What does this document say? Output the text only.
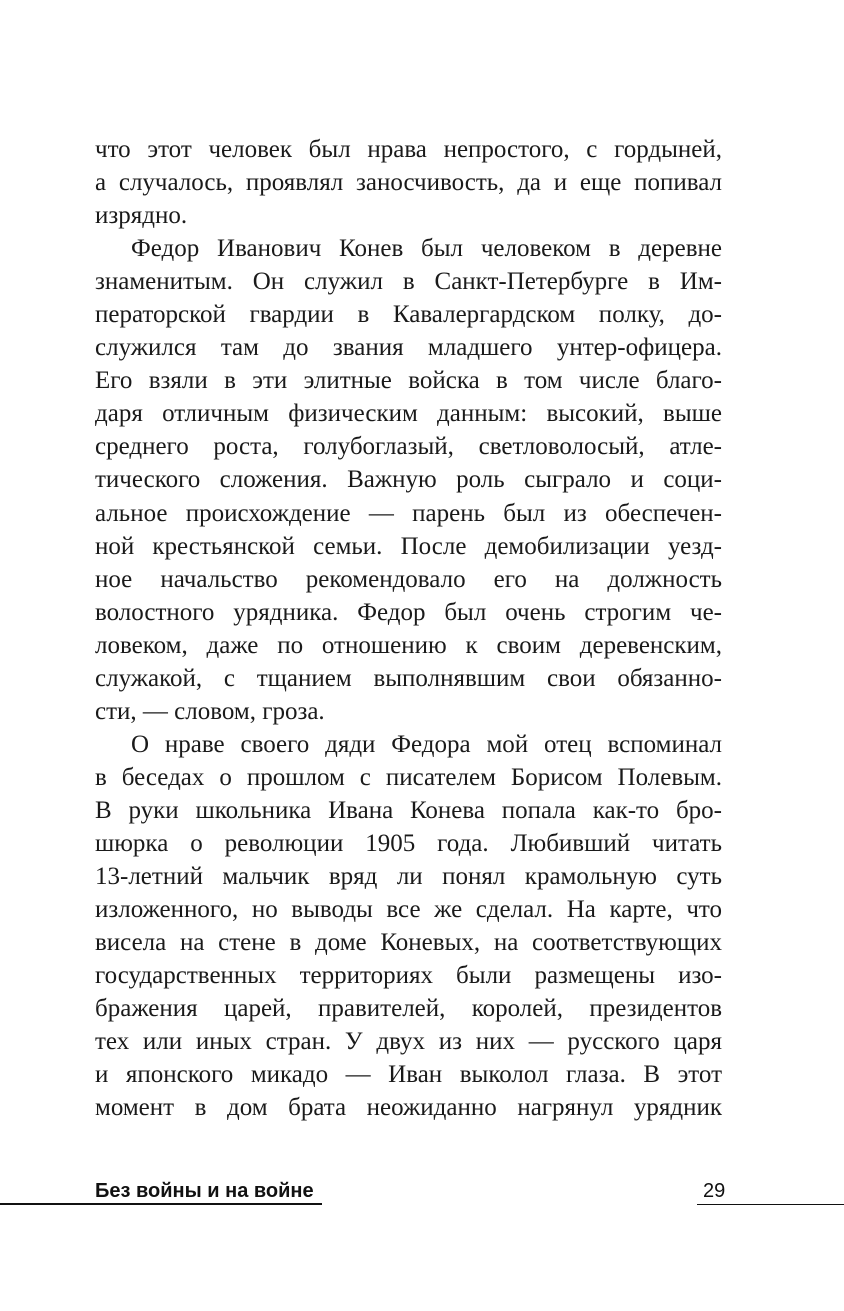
что этот человек был нрава непростого, с гордыней,
а случалось, проявлял заносчивость, да и еще попивал
изрядно.
Федор Иванович Конев был человеком в деревне
знаменитым. Он служил в Санкт-Петербурге в Им-
ператорской гвардии в Кавалергардском полку, до-
служился там до звания младшего унтер-офицера.
Его взяли в эти элитные войска в том числе благо-
даря отличным физическим данным: высокий, выше
среднего роста, голубоглазый, светловолосый, атле-
тического сложения. Важную роль сыграло и соци-
альное происхождение — парень был из обеспечен-
ной крестьянской семьи. После демобилизации уезд-
ное начальство рекомендовало его на должность
волостного урядника. Федор был очень строгим че-
ловеком, даже по отношению к своим деревенским,
служакой, с тщанием выполнявшим свои обязанно-
сти, — словом, гроза.
О нраве своего дяди Федора мой отец вспоминал
в беседах о прошлом с писателем Борисом Полевым.
В руки школьника Ивана Конева попала как-то бро-
шюрка о революции 1905 года. Любивший читать
13-летний мальчик вряд ли понял крамольную суть
изложенного, но выводы все же сделал. На карте, что
висела на стене в доме Коневых, на соответствующих
государственных территориях были размещены изо-
бражения царей, правителей, королей, президентов
тех или иных стран. У двух из них — русского царя
и японского микадо — Иван выколол глаза. В этот
момент в дом брата неожиданно нагрянул урядник
Без войны и на войне	29
